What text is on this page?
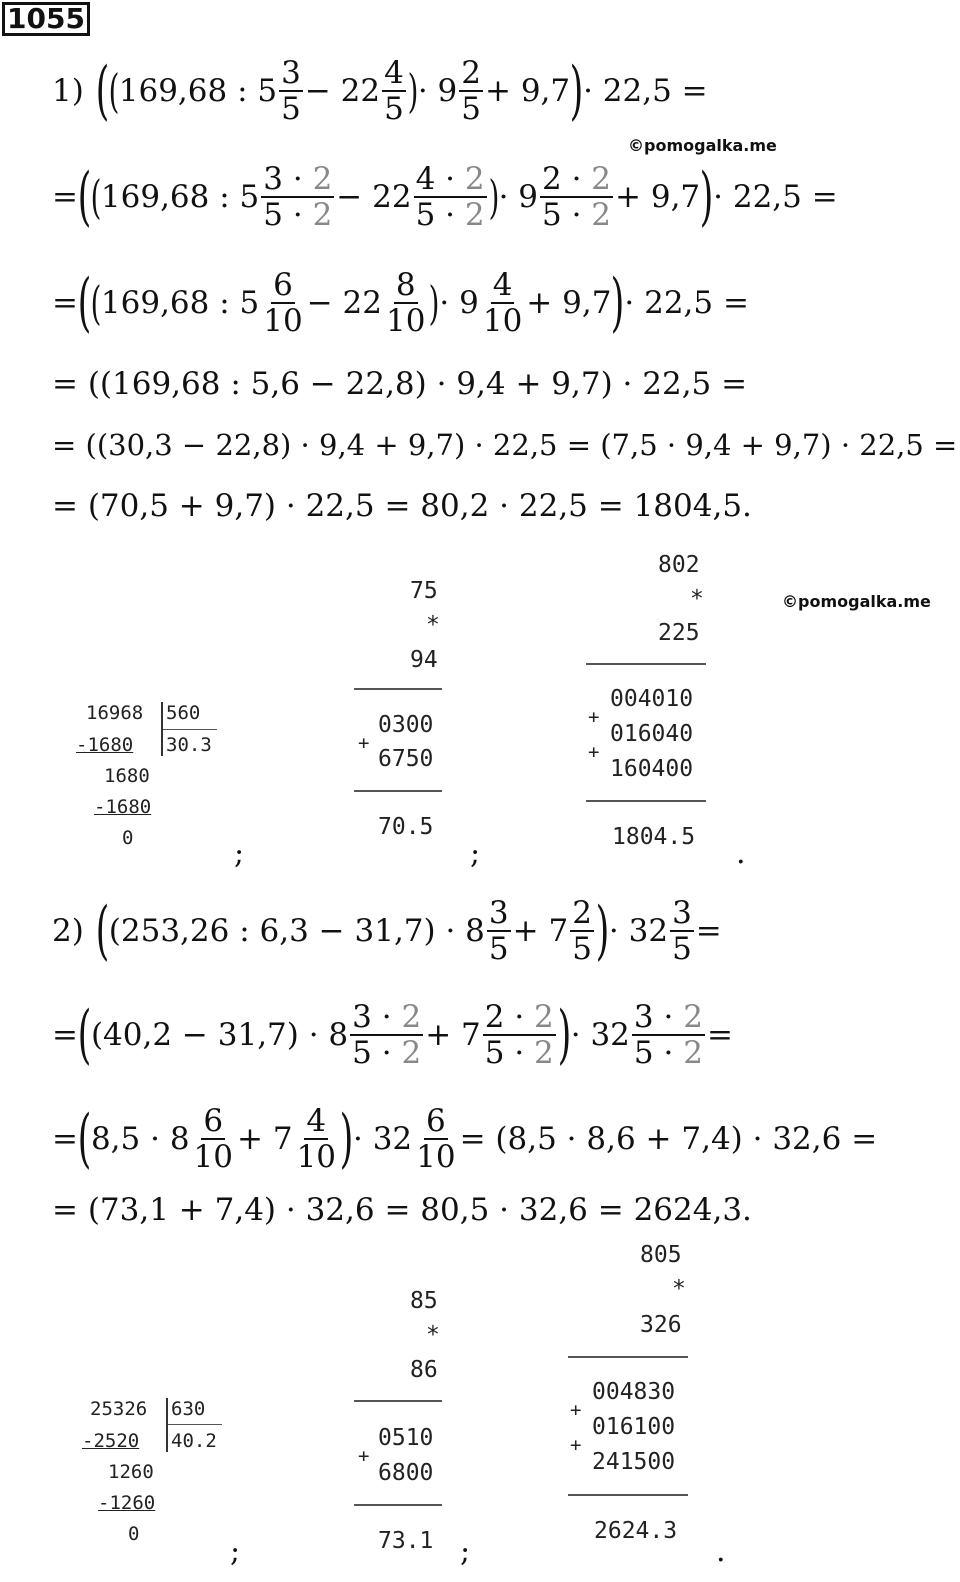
1055
1) ( ( 169,68 : $5 \frac{3}{5} - 22 \frac{4}{5}$ ) · $9 \frac{2}{5} + 9,7$ ) · 22,5 =
©pomogalka.me
= ( ( 169,68 : $5 \frac{3 \cdot 2}{5 \cdot 2} - 22 \frac{4 \cdot 2}{5 \cdot 2}$ ) · $9 \frac{2 \cdot 2}{5 \cdot 2} + 9,7$ ) · 22,5 =
= ( ( 169,68 : $5 \frac{6}{10} - 22 \frac{8}{10}$ ) · $9 \frac{4}{10} + 9,7$ ) · 22,5 =
= ((169,68 : 5,6 − 22,8) · 9,4 + 9,7) · 22,5 =
= ((30,3 − 22,8) · 9,4 + 9,7) · 22,5 = (7,5 · 9,4 + 9,7) · 22,5 =
= (70,5 + 9,7) · 22,5 = 80,2 · 22,5 = 1804,5.
16968 560
-1680 30.3
1680
-1680
0	;
75
*
94
0300
+
6750
70.5
;
802
*
225
004010
+
016040
+
160400
1804.5 .
©pomogalka.me
2) ( (253,26 : $6,3 - 31,7) \cdot 8 \frac{3}{5} + 7 \frac{2}{5}$ ) · $32 \frac{3}{5}$ =
= ( $(40,2 - 31,7) \cdot 8 \frac{3 \cdot 2}{5 \cdot 2} + 7 \frac{2 \cdot 2}{5 \cdot 2}$ ) · $32 \frac{3 \cdot 2}{5 \cdot 2}$ =
= ( $8,5 \cdot 8 \frac{6}{10} + 7 \frac{4}{10}$ ) · $32 \frac{6}{10} = (8,5 \cdot 8,6 + 7,4) \cdot 32,6$ =
= (73,1 + 7,4) · 32,6 = 80,5 · 32,6 = 2624,3.
25326 630
-2520 40.2
1260
-1260
0	;
85
*
86
0510
+
6800
73.1 ;
805
*
326
004830
+
016100
+
241500
2624.3
.
